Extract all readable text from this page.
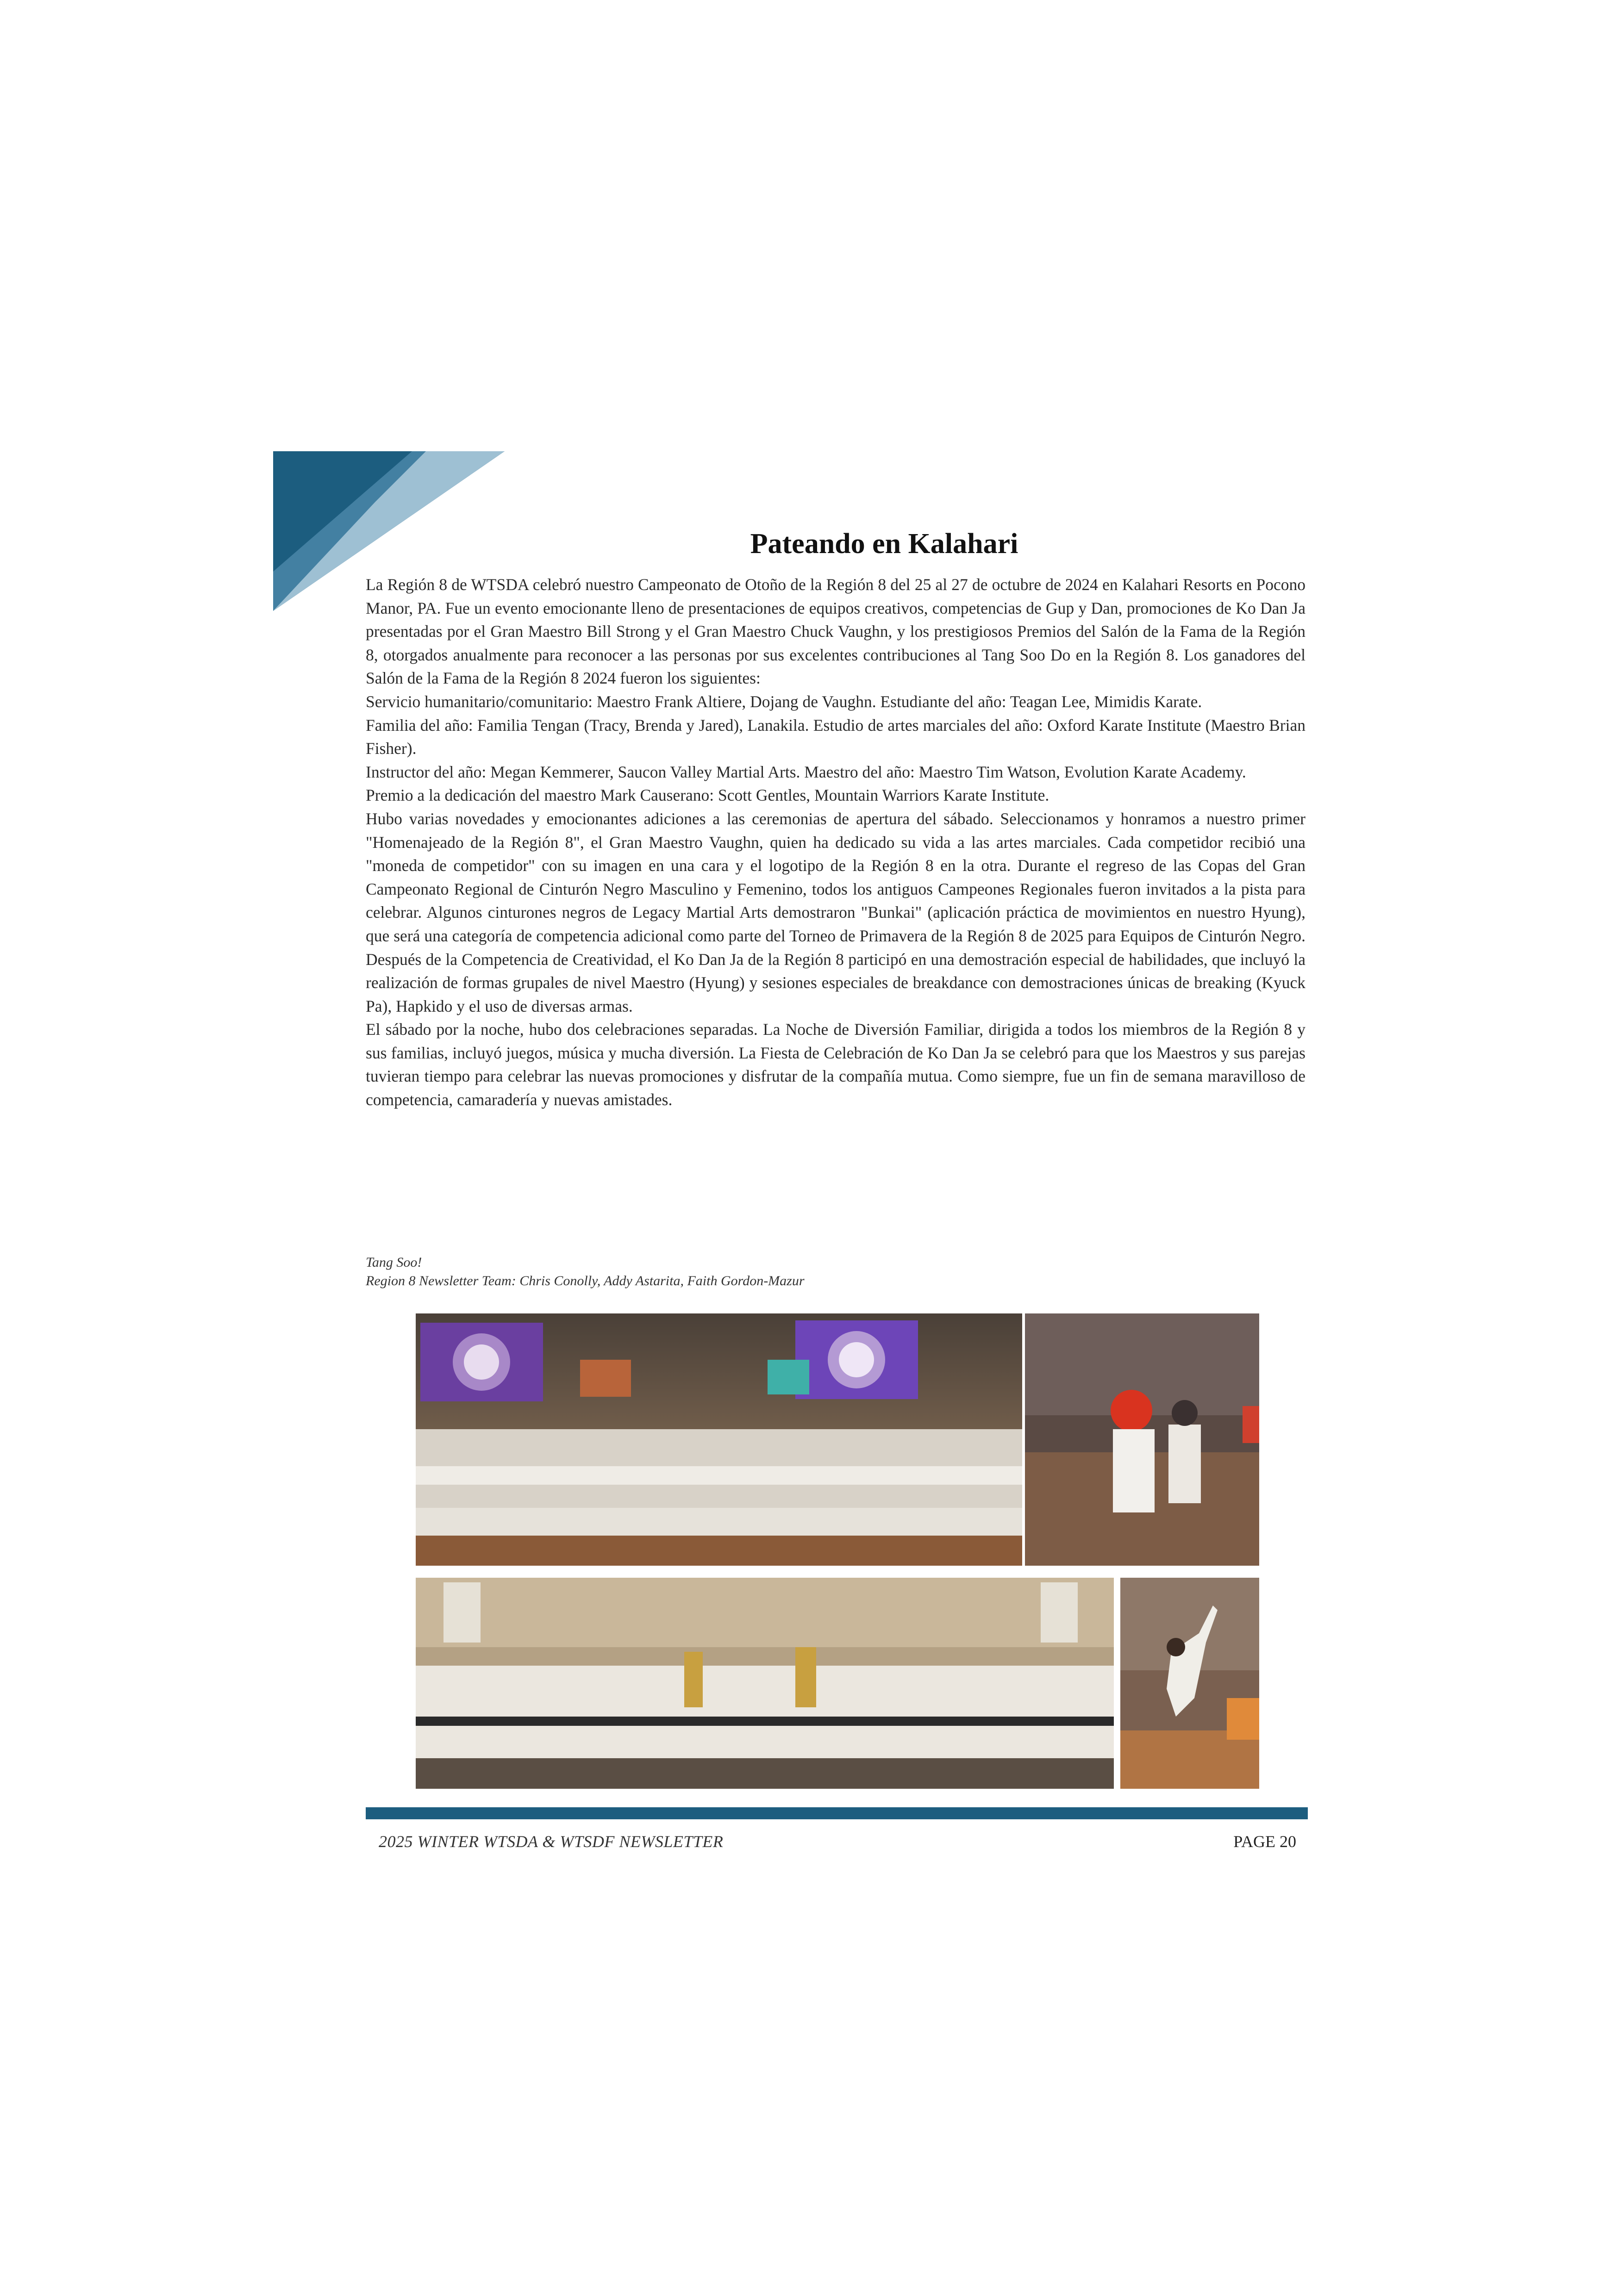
Pateando en Kalahari

La Región 8 de WTSDA celebró nuestro Campeonato de Otoño de la Región 8 del 25 al 27 de octubre de 2024 en Kalahari Resorts en Pocono Manor, PA. Fue un evento emocionante lleno de presentaciones de equipos creativos, competencias de Gup y Dan, promociones de Ko Dan Ja presentadas por el Gran Maestro Bill Strong y el Gran Maestro Chuck Vaughn, y los prestigiosos Premios del Salón de la Fama de la Región 8, otorgados anualmente para reconocer a las personas por sus excelentes contribuciones al Tang Soo Do en la Región 8. Los ganadores del Salón de la Fama de la Región 8 2024 fueron los siguientes:

Servicio humanitario/comunitario: Maestro Frank Altiere, Dojang de Vaughn. Estudiante del año: Teagan Lee, Mimidis Karate.

Familia del año: Familia Tengan (Tracy, Brenda y Jared), Lanakila. Estudio de artes marciales del año: Oxford Karate Institute (Maestro Brian Fisher).

Instructor del año: Megan Kemmerer, Saucon Valley Martial Arts. Maestro del año: Maestro Tim Watson, Evolution Karate Academy.

Premio a la dedicación del maestro Mark Causerano: Scott Gentles, Mountain Warriors Karate Institute.

Hubo varias novedades y emocionantes adiciones a las ceremonias de apertura del sábado. Seleccionamos y honramos a nuestro primer "Homenajeado de la Región 8", el Gran Maestro Vaughn, quien ha dedicado su vida a las artes marciales. Cada competidor recibió una "moneda de competidor" con su imagen en una cara y el logotipo de la Región 8 en la otra. Durante el regreso de las Copas del Gran Campeonato Regional de Cinturón Negro Masculino y Femenino, todos los antiguos Campeones Regionales fueron invitados a la pista para celebrar. Algunos cinturones negros de Legacy Martial Arts demostraron "Bunkai" (aplicación práctica de movimientos en nuestro Hyung), que será una categoría de competencia adicional como parte del Torneo de Primavera de la Región 8 de 2025 para Equipos de Cinturón Negro. Después de la Competencia de Creatividad, el Ko Dan Ja de la Región 8 participó en una demostración especial de habilidades, que incluyó la realización de formas grupales de nivel Maestro (Hyung) y sesiones especiales de breakdance con demostraciones únicas de breaking (Kyuck Pa), Hapkido y el uso de diversas armas.

El sábado por la noche, hubo dos celebraciones separadas. La Noche de Diversión Familiar, dirigida a todos los miembros de la Región 8 y sus familias, incluyó juegos, música y mucha diversión. La Fiesta de Celebración de Ko Dan Ja se celebró para que los Maestros y sus parejas tuvieran tiempo para celebrar las nuevas promociones y disfrutar de la compañía mutua. Como siempre, fue un fin de semana maravilloso de competencia, camaradería y nuevas amistades.

Tang Soo!
Region 8 Newsletter Team: Chris Conolly, Addy Astarita, Faith Gordon-Mazur
2025 WINTER WTSDA & WTSDF NEWSLETTER	PAGE 20
